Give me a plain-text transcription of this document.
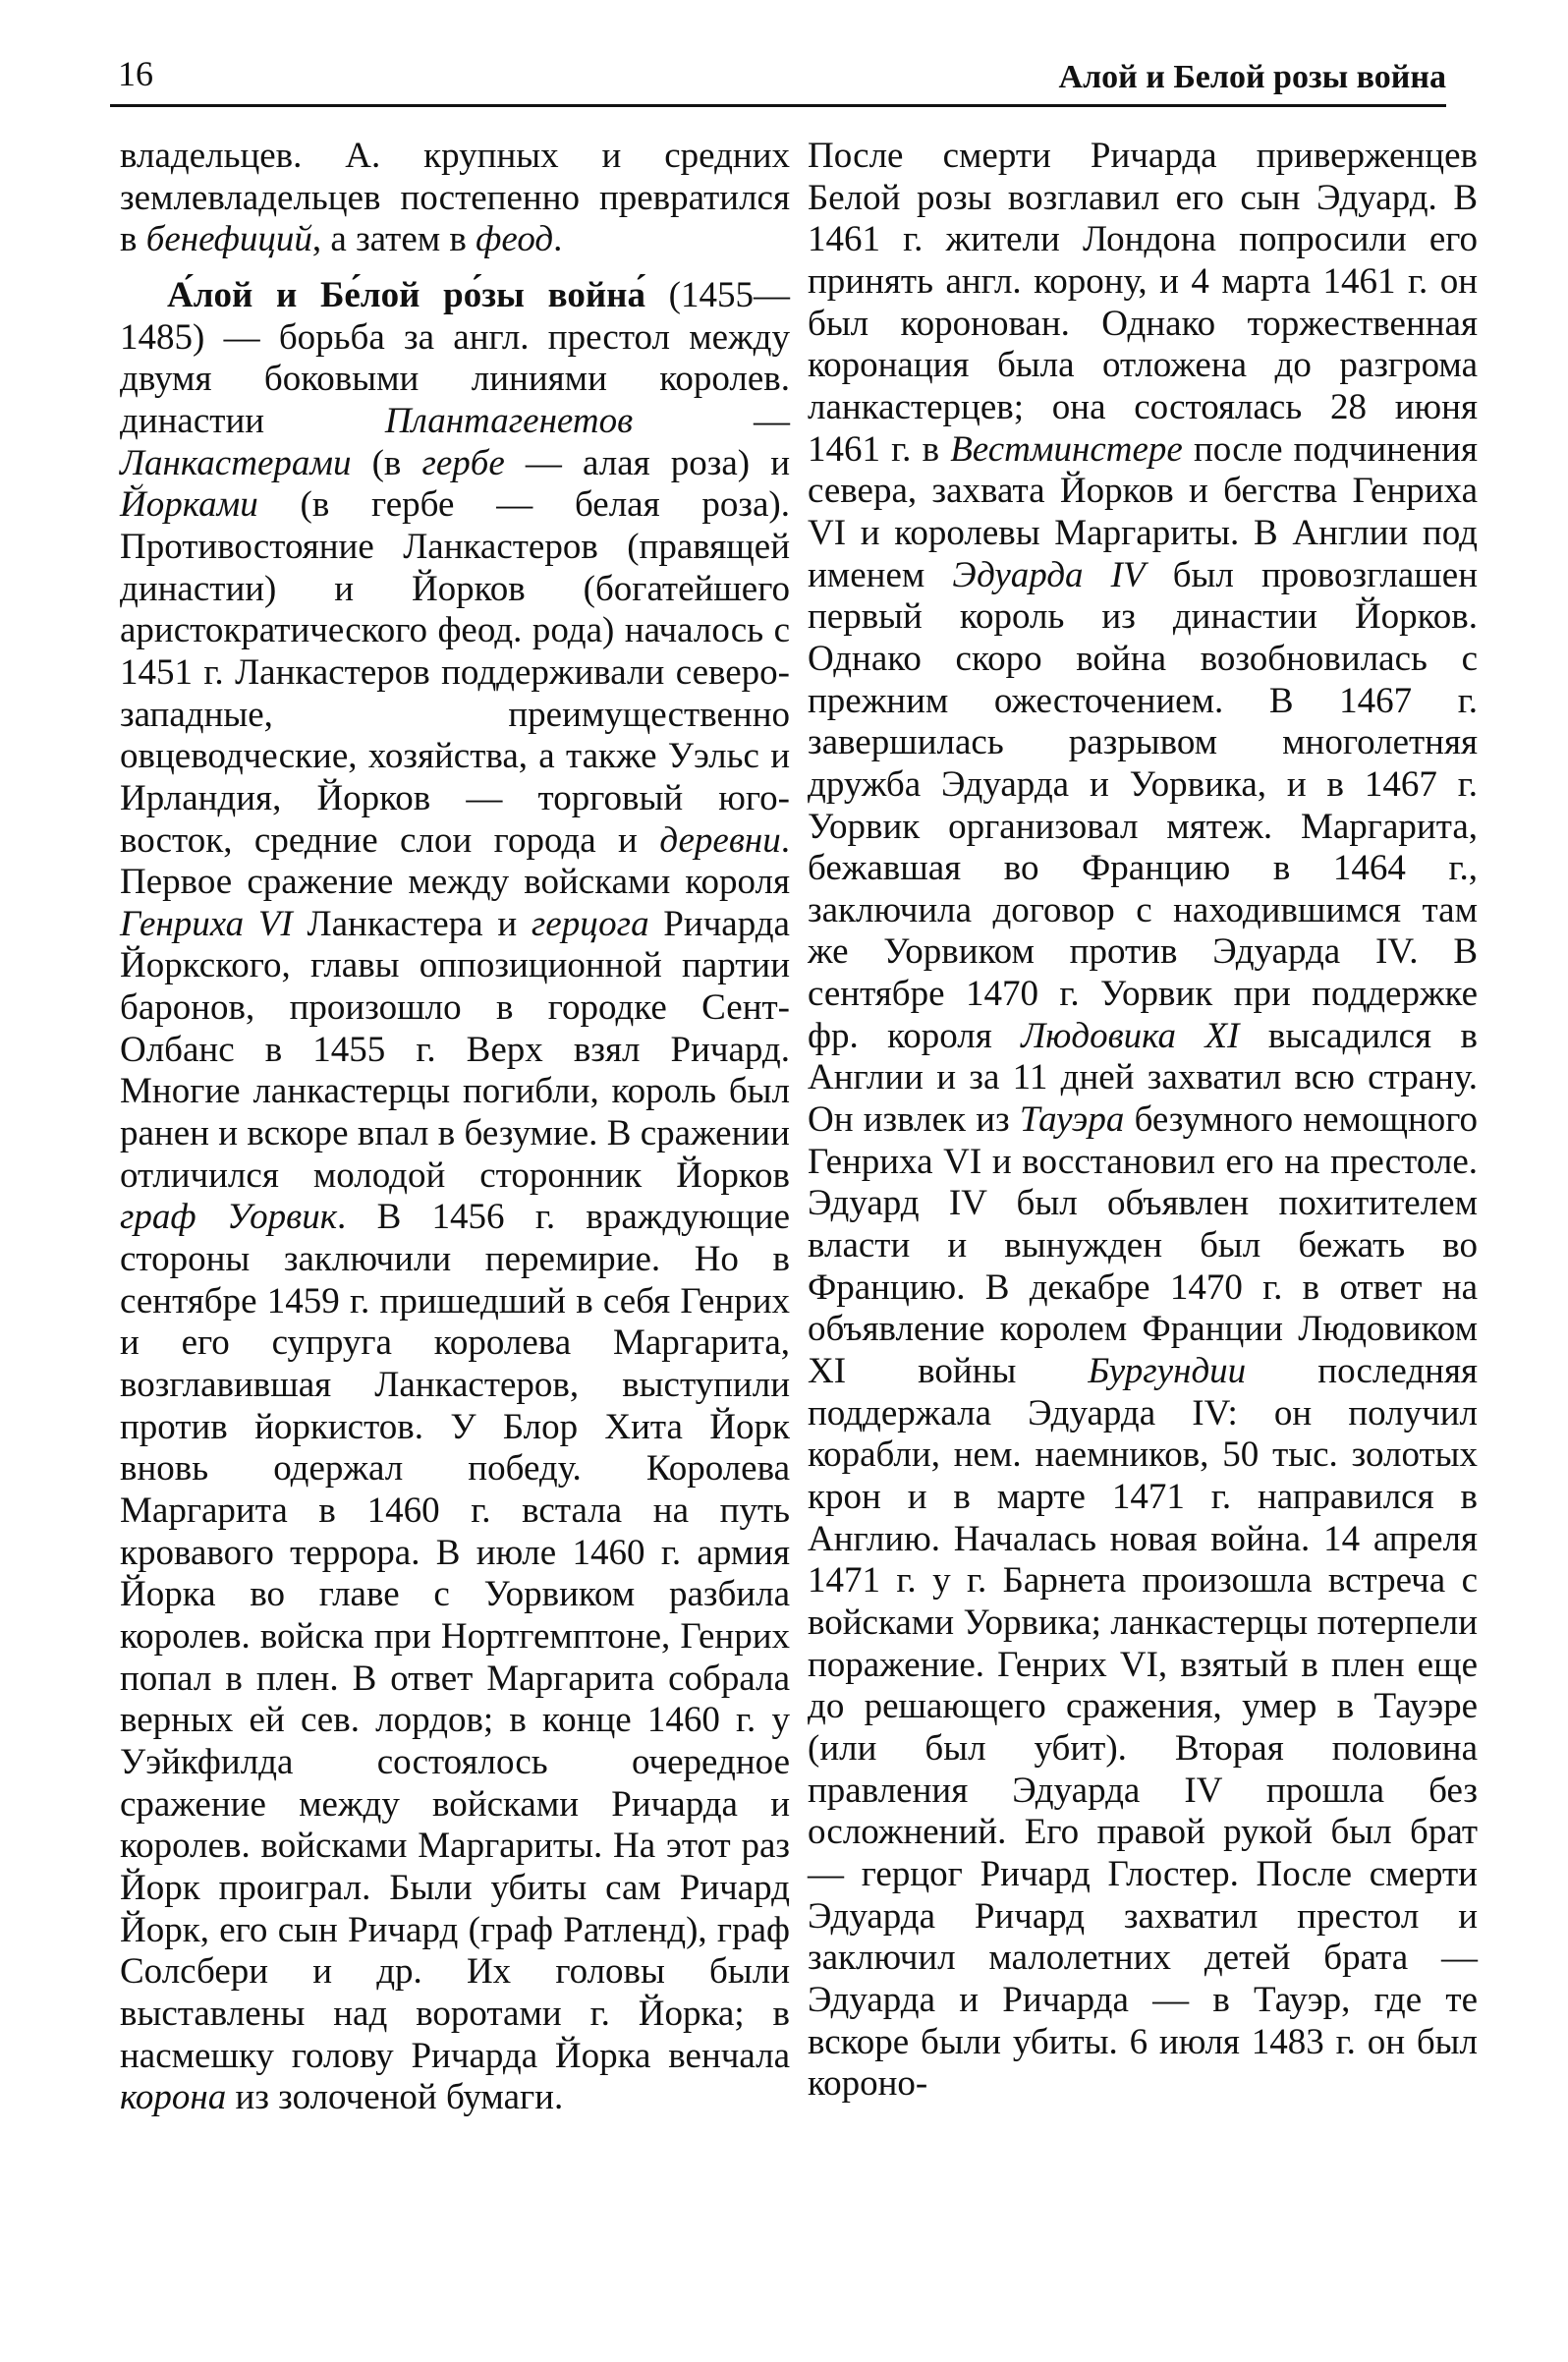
16	Алой и Белой розы война

владельцев. А. крупных и средних землевладельцев постепенно превратился в бенефиций, а затем в феод.

А́лой и Бе́лой ро́зы война́ (1455—1485) — борьба за англ. престол между двумя боковыми линиями королев. династии Плантагенетов — Ланкастерами (в гербе — алая роза) и Йорками (в гербе — белая роза). Противостояние Ланкастеров (правящей династии) и Йорков (богатейшего аристократического феод. рода) началось с 1451 г. Ланкастеров поддерживали северо-западные, преимущественно овцеводческие, хозяйства, а также Уэльс и Ирландия, Йорков — торговый юго-восток, средние слои города и деревни. Первое сражение между войсками короля Генриха VI Ланкастера и герцога Ричарда Йоркского, главы оппозиционной партии баронов, произошло в городке Сент-Олбанс в 1455 г. Верх взял Ричард. Многие ланкастерцы погибли, король был ранен и вскоре впал в безумие. В сражении отличился молодой сторонник Йорков граф Уорвик. В 1456 г. враждующие стороны заключили перемирие. Но в сентябре 1459 г. пришедший в себя Генрих и его супруга королева Маргарита, возглавившая Ланкастеров, выступили против йоркистов. У Блор Хита Йорк вновь одержал победу. Королева Маргарита в 1460 г. встала на путь кровавого террора. В июле 1460 г. армия Йорка во главе с Уорвиком разбила королев. войска при Нортгемптоне, Генрих попал в плен. В ответ Маргарита собрала верных ей сев. лордов; в конце 1460 г. у Уэйкфилда состоялось очередное сражение между войсками Ричарда и королев. войсками Маргариты. На этот раз Йорк проиграл. Были убиты сам Ричард Йорк, его сын Ричард (граф Ратленд), граф Солсбери и др. Их головы были выставлены над воротами г. Йорка; в насмешку голову Ричарда Йорка венчала корона из золоченой бумаги.

После смерти Ричарда приверженцев Белой розы возглавил его сын Эдуард. В 1461 г. жители Лондона попросили его принять англ. корону, и 4 марта 1461 г. он был коронован. Однако торжественная коронация была отложена до разгрома ланкастерцев; она состоялась 28 июня 1461 г. в Вестминстере после подчинения севера, захвата Йорков и бегства Генриха VI и королевы Маргариты. В Англии под именем Эдуарда IV был провозглашен первый король из династии Йорков. Однако скоро война возобновилась с прежним ожесточением. В 1467 г. завершилась разрывом многолетняя дружба Эдуарда и Уорвика, и в 1467 г. Уорвик организовал мятеж. Маргарита, бежавшая во Францию в 1464 г., заключила договор с находившимся там же Уорвиком против Эдуарда IV. В сентябре 1470 г. Уорвик при поддержке фр. короля Людовика XI высадился в Англии и за 11 дней захватил всю страну. Он извлек из Тауэра безумного немощного Генриха VI и восстановил его на престоле. Эдуард IV был объявлен похитителем власти и вынужден был бежать во Францию. В декабре 1470 г. в ответ на объявление королем Франции Людовиком XI войны Бургундии последняя поддержала Эдуарда IV: он получил корабли, нем. наемников, 50 тыс. золотых крон и в марте 1471 г. направился в Англию. Началась новая война. 14 апреля 1471 г. у г. Барнета произошла встреча с войсками Уорвика; ланкастерцы потерпели поражение. Генрих VI, взятый в плен еще до решающего сражения, умер в Тауэре (или был убит). Вторая половина правления Эдуарда IV прошла без осложнений. Его правой рукой был брат — герцог Ричард Глостер. После смерти Эдуарда Ричард захватил престол и заключил малолетних детей брата — Эдуарда и Ричарда — в Тауэр, где те вскоре были убиты. 6 июля 1483 г. он был короно-
